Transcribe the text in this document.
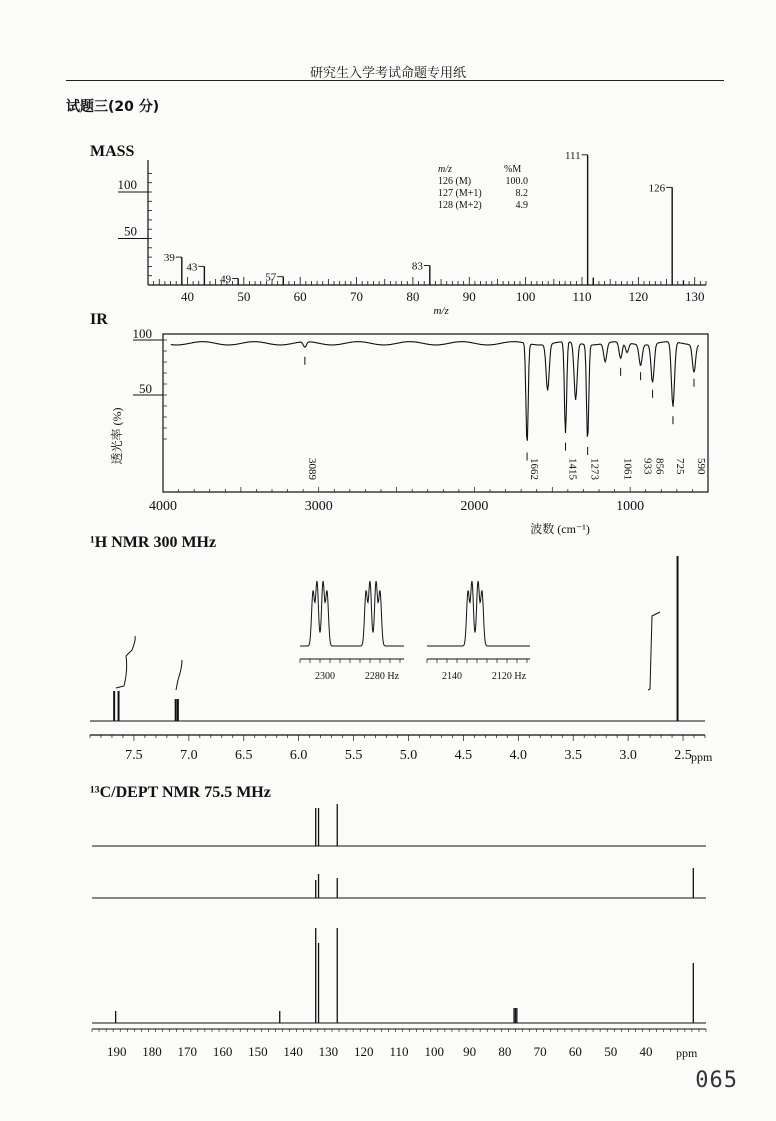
研究生入学考试命题专用纸
试题三(20 分)
MASS
IR
¹H NMR 300 MHz
¹³C/DEPT NMR 75.5 MHz
40	50	60	70	80	90	100	110	120	130
50
100
m/z
39
43
49	57
83
111
126
m/z	%M
126 (M)	100.0
127 (M+1)	8.2
128 (M+2)	4.9
4000	3000	2000	1000
波数 (cm⁻¹)
50
100
透光率 (%)
3089	1662 1415 1273 1061 933 856 725 590
7.5	7.0	6.5	6.0	5.5	5.0	4.5	4.0	3.5	3.0	2.5 ppm
2300	2280 Hz	2140	2120 Hz
190 180 170 160 150 140 130 120 110 100 90 80 70 60 50 40 ppm
065
